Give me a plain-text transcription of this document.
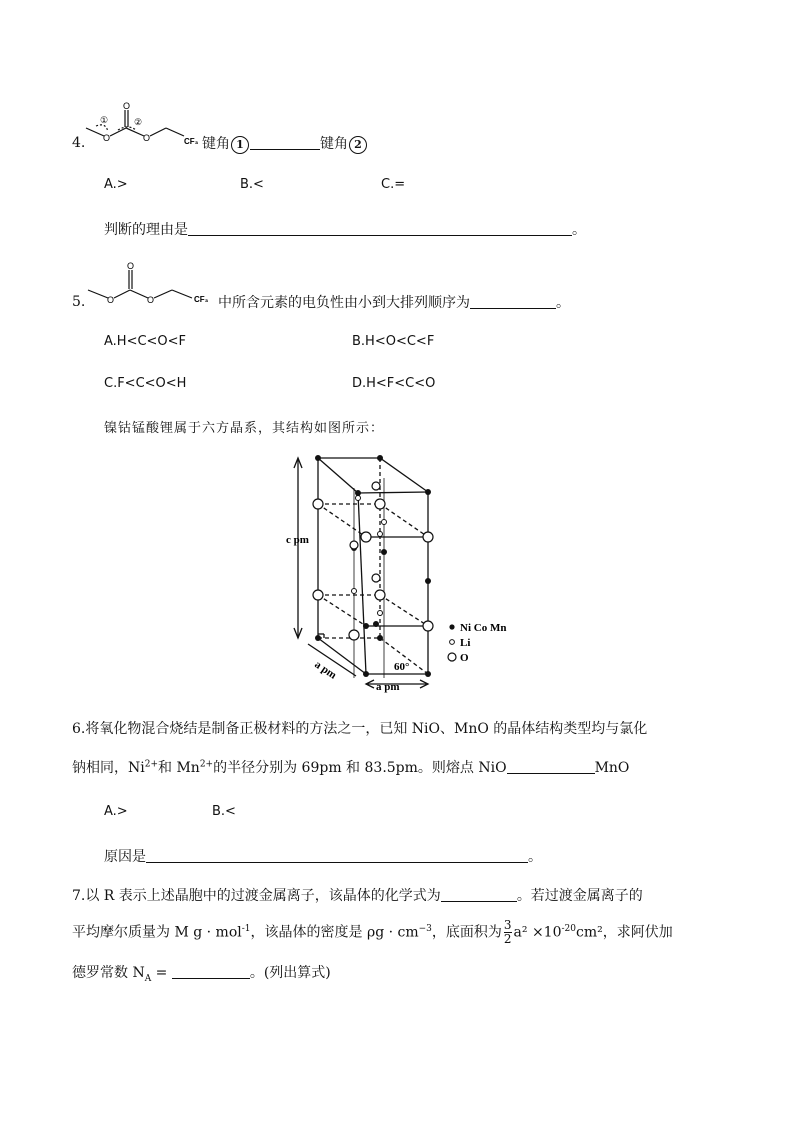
4.
O
O	O
①	②
CF₃ 键角 1	键角 2
A.>	B.<	C.=
判断的理由是	。
5.
O
O	O	CF₃ 中所含元素的电负性由小到大排列顺序为	。
A.H<C<O<F	B.H<O<C<F
C.F<C<O<H	D.H<F<C<O
镍钴锰酸锂属于六方晶系，其结构如图所示：
c pm
a pm
a pm
60°
Ni Co Mn
Li
O
6.将氧化物混合烧结是制备正极材料的方法之一，已知 NiO、MnO 的晶体结构类型均与氯化
钠相同，$Ni^{2+}$和 $Mn^{2+}$的半径分别为 69pm 和 83.5pm。则熔点 NiO	MnO
A.>	B.<
原因是	。
7.以 R 表示上述晶胞中的过渡金属离子，该晶体的化学式为	。若过渡金属离子的
平均摩尔质量为 M g · mol$^{-1}$，该晶体的密度是 $\rho g \cdot cm^{-3}$，底面积为 $\frac{3}{2} a^2 \times 10^{-20}cm^2$，求阿伏加
德罗常数 $N_A$ =	。(列出算式)
